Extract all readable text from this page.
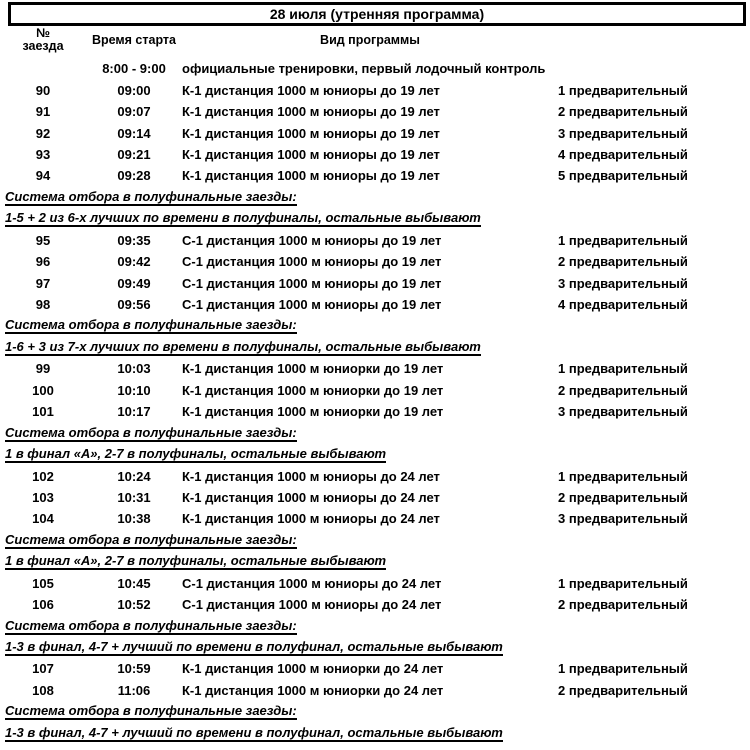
28 июля (утренняя программа)
№
заезда	Время старта	Вид программы
8:00 - 9:00	официальные тренировки, первый лодочный контроль
90	09:00	К-1 дистанция 1000 м юниоры до 19 лет	1 предварительный
91	09:07	К-1 дистанция 1000 м юниоры до 19 лет	2 предварительный
92	09:14	К-1 дистанция 1000 м юниоры до 19 лет	3 предварительный
93	09:21	К-1 дистанция 1000 м юниоры до 19 лет	4 предварительный
94	09:28	К-1 дистанция 1000 м юниоры до 19 лет	5 предварительный
Система отбора в полуфинальные заезды:
1-5 + 2 из 6-х лучших по времени в полуфиналы, остальные выбывают
95	09:35	С-1 дистанция 1000 м юниоры до 19 лет	1 предварительный
96	09:42	С-1 дистанция 1000 м юниоры до 19 лет	2 предварительный
97	09:49	С-1 дистанция 1000 м юниоры до 19 лет	3 предварительный
98	09:56	С-1 дистанция 1000 м юниоры до 19 лет	4 предварительный
Система отбора в полуфинальные заезды:
1-6 + 3 из 7-х лучших по времени в полуфиналы, остальные выбывают
99	10:03	К-1 дистанция 1000 м юниорки до 19 лет	1 предварительный
100	10:10	К-1 дистанция 1000 м юниорки до 19 лет	2 предварительный
101	10:17	К-1 дистанция 1000 м юниорки до 19 лет	3 предварительный
Система отбора в полуфинальные заезды:
1 в финал «А», 2-7 в полуфиналы, остальные выбывают
102	10:24	К-1 дистанция 1000 м юниоры до 24 лет	1 предварительный
103	10:31	К-1 дистанция 1000 м юниоры до 24 лет	2 предварительный
104	10:38	К-1 дистанция 1000 м юниоры до 24 лет	3 предварительный
Система отбора в полуфинальные заезды:
1 в финал «А», 2-7 в полуфиналы, остальные выбывают
105	10:45	С-1 дистанция 1000 м юниоры до 24 лет	1 предварительный
106	10:52	С-1 дистанция 1000 м юниоры до 24 лет	2 предварительный
Система отбора в полуфинальные заезды:
1-3 в финал, 4-7 + лучший по времени в полуфинал, остальные выбывают
107	10:59	К-1 дистанция 1000 м юниорки до 24 лет	1 предварительный
108	11:06	К-1 дистанция 1000 м юниорки до 24 лет	2 предварительный
Система отбора в полуфинальные заезды:
1-3 в финал, 4-7 + лучший по времени в полуфинал, остальные выбывают
